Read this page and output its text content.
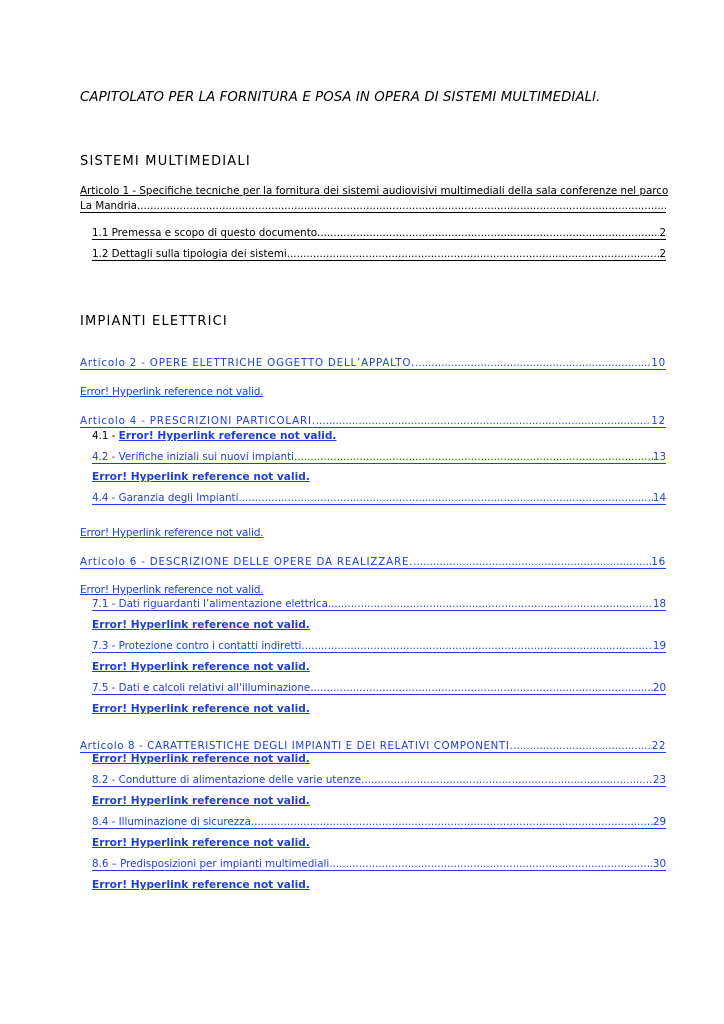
CAPITOLATO PER LA FORNITURA E POSA IN OPERA DI SISTEMI MULTIMEDIALI.
SISTEMI MULTIMEDIALI
Articolo 1 - Specifiche tecniche per la fornitura dei sistemi audiovisivi multimediali della sala conferenze nel parco
La Mandria.
.....
1.1 Premessa e scopo di questo documento .....	2
1.2 Dettagli sulla tipologia dei sistemi .....	2
IMPIANTI ELETTRICI
Articolo 2 - OPERE ELETTRICHE OGGETTO DELL’APPALTO. .....	10
Error! Hyperlink reference not valid.
Articolo 4 - PRESCRIZIONI PARTICOLARI. .....	12
4.1 - Error! Hyperlink reference not valid.
4.2 - Verifiche iniziali sui nuovi impianti .....	13
Error! Hyperlink reference not valid.
4.4 - Garanzia degli Impianti. .....	14
Error! Hyperlink reference not valid.
Articolo 6 - DESCRIZIONE DELLE OPERE DA REALIZZARE. .....	16
Error! Hyperlink reference not valid.
7.1 - Dati riguardanti l’alimentazione elettrica. .....	18
Error! Hyperlink reference not valid.
7.3 - Protezione contro i contatti indiretti .....	19
Error! Hyperlink reference not valid.
7.5 - Dati e calcoli relativi all'illuminazione. .....	20
Error! Hyperlink reference not valid.
Articolo 8 - CARATTERISTICHE DEGLI IMPIANTI E DEI RELATIVI COMPONENTI. .....	22
Error! Hyperlink reference not valid.
8.2 - Condutture di alimentazione delle varie utenze. .....	23
Error! Hyperlink reference not valid.
8.4 - Illuminazione di sicurezza. .....	29
Error! Hyperlink reference not valid.
8.6 – Predisposizioni per impianti multimediali. .....	30
Error! Hyperlink reference not valid.
